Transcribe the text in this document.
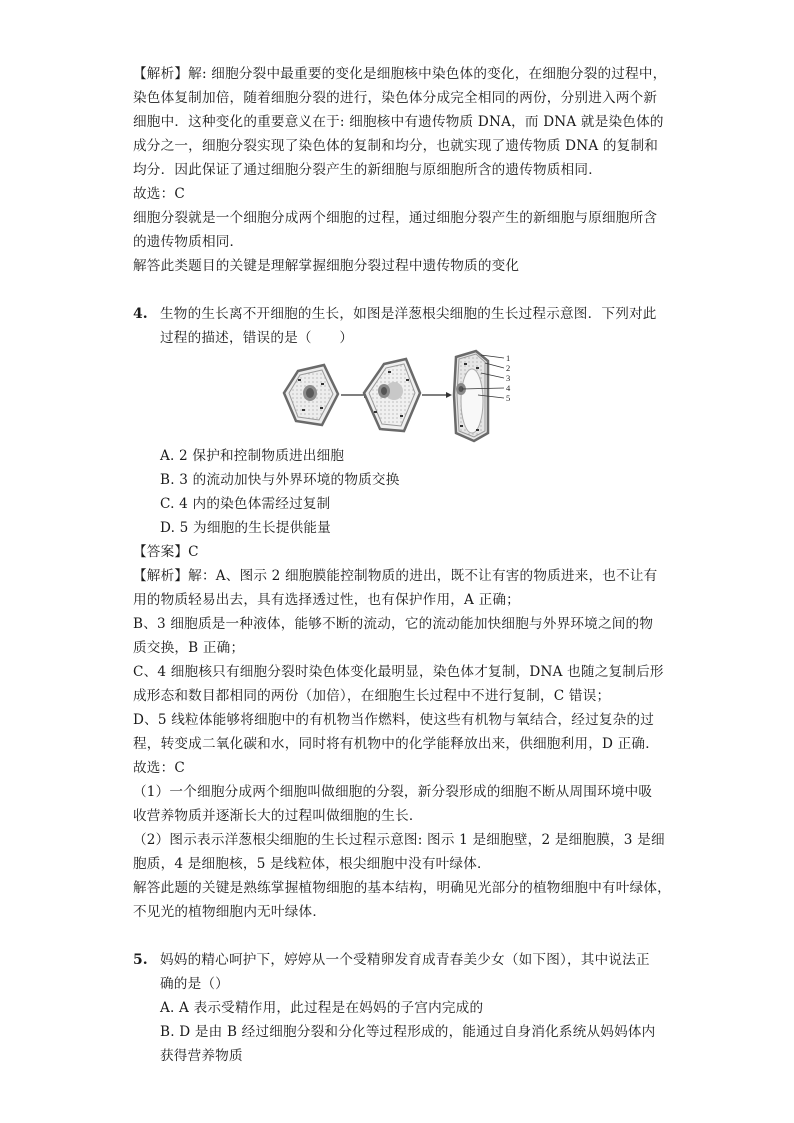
【解析】解: 细胞分裂中最重要的变化是细胞核中染色体的变化，在细胞分裂的过程中，
染色体复制加倍，随着细胞分裂的进行，染色体分成完全相同的两份，分别进入两个新
细胞中．这种变化的重要意义在于: 细胞核中有遗传物质 DNA，而 DNA 就是染色体的
成分之一，细胞分裂实现了染色体的复制和均分，也就实现了遗传物质 DNA 的复制和
均分．因此保证了通过细胞分裂产生的新细胞与原细胞所含的遗传物质相同．
故选：C
细胞分裂就是一个细胞分成两个细胞的过程，通过细胞分裂产生的新细胞与原细胞所含
的遗传物质相同．
解答此类题目的关键是理解掌握细胞分裂过程中遗传物质的变化
4. 生物的生长离不开细胞的生长，如图是洋葱根尖细胞的生长过程示意图．下列对此
过程的描述，错误的是（　　）
1
2
3
4
5
A. 2 保护和控制物质进出细胞
B. 3 的流动加快与外界环境的物质交换
C. 4 内的染色体需经过复制
D. 5 为细胞的生长提供能量
【答案】C
【解析】解：A、图示 2 细胞膜能控制物质的进出，既不让有害的物质进来，也不让有
用的物质轻易出去，具有选择透过性，也有保护作用，A 正确；
B、3 细胞质是一种液体，能够不断的流动，它的流动能加快细胞与外界环境之间的物
质交换，B 正确；
C、4 细胞核只有细胞分裂时染色体变化最明显，染色体才复制，DNA 也随之复制后形
成形态和数目都相同的两份（加倍），在细胞生长过程中不进行复制，C 错误；
D、5 线粒体能够将细胞中的有机物当作燃料，使这些有机物与氧结合，经过复杂的过
程，转变成二氧化碳和水，同时将有机物中的化学能释放出来，供细胞利用，D 正确．
故选：C
（1）一个细胞分成两个细胞叫做细胞的分裂，新分裂形成的细胞不断从周围环境中吸
收营养物质并逐渐长大的过程叫做细胞的生长．
（2）图示表示洋葱根尖细胞的生长过程示意图: 图示 1 是细胞壁，2 是细胞膜，3 是细
胞质，4 是细胞核，5 是线粒体，根尖细胞中没有叶绿体．
解答此题的关键是熟练掌握植物细胞的基本结构，明确见光部分的植物细胞中有叶绿体，
不见光的植物细胞内无叶绿体．
5. 妈妈的精心呵护下，婷婷从一个受精卵发育成青春美少女（如下图），其中说法正
确的是（）
A. A 表示受精作用，此过程是在妈妈的子宫内完成的
B. D 是由 B 经过细胞分裂和分化等过程形成的，能通过自身消化系统从妈妈体内
获得营养物质
